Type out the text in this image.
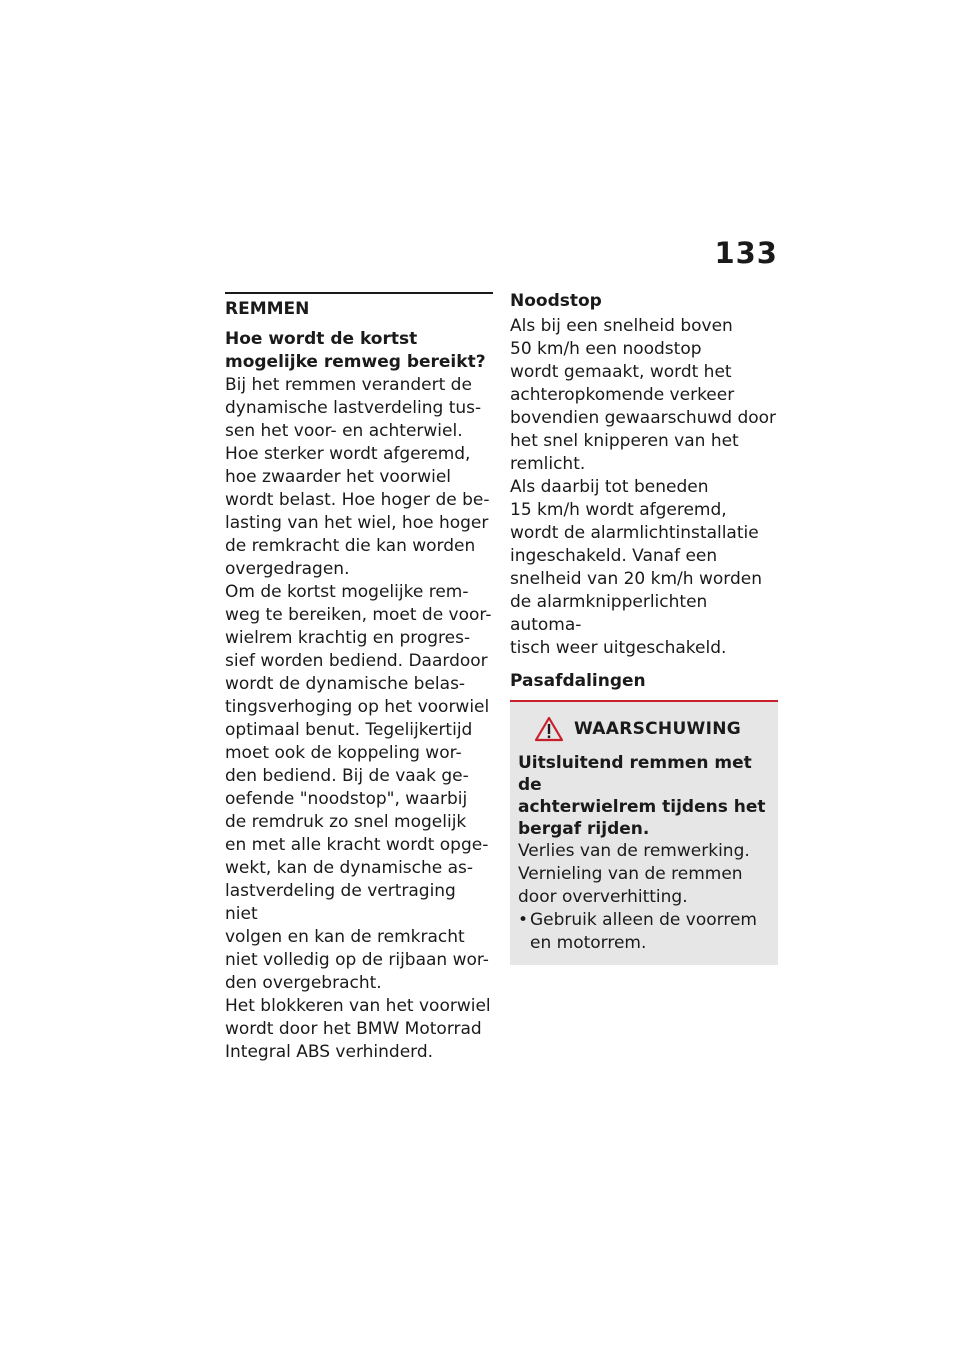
133
REMMEN
Hoe wordt de kortst
mogelijke remweg bereikt?

Bij het remmen verandert de
dynamische lastverdeling tus-
sen het voor- en achterwiel.
Hoe sterker wordt afgeremd,
hoe zwaarder het voorwiel
wordt belast. Hoe hoger de be-
lasting van het wiel, hoe hoger
de remkracht die kan worden
overgedragen.

Om de kortst mogelijke rem-
weg te bereiken, moet de voor-
wielrem krachtig en progres-
sief worden bediend. Daardoor
wordt de dynamische belas-
tingsverhoging op het voorwiel
optimaal benut. Tegelijkertijd
moet ook de koppeling wor-
den bediend. Bij de vaak ge-
oefende "noodstop", waarbij
de remdruk zo snel mogelijk
en met alle kracht wordt opge-
wekt, kan de dynamische as-
lastverdeling de vertraging niet
volgen en kan de remkracht
niet volledig op de rijbaan wor-
den overgebracht.

Het blokkeren van het voorwiel
wordt door het BMW Motorrad
Integral ABS verhinderd.

Noodstop

Als bij een snelheid boven
50 km/h een noodstop
wordt gemaakt, wordt het
achteropkomende verkeer
bovendien gewaarschuwd door
het snel knipperen van het
remlicht.

Als daarbij tot beneden
15 km/h wordt afgeremd,
wordt de alarmlichtinstallatie
ingeschakeld. Vanaf een
snelheid van 20 km/h worden
de alarmknipperlichten automa-
tisch weer uitgeschakeld.

Pasafdalingen
WAARSCHUWING

Uitsluitend remmen met de
achterwielrem tijdens het
bergaf rijden.

Verlies van de remwerking.
Vernieling van de remmen
door oververhitting.

• Gebruik alleen de voorrem
en motorrem.
